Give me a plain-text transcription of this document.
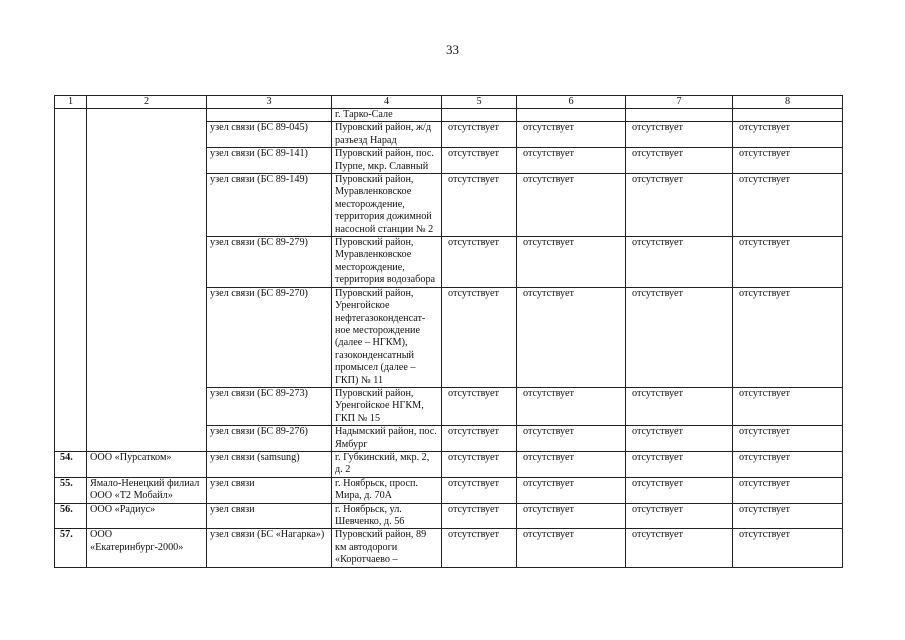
33
1	2	3	4	5	6	7	8
			г. Тарко-Сале				
		узел связи (БС 89-045)	Пуровский район, ж/д разъезд Нарад	отсутствует	отсутствует	отсутствует	отсутствует
		узел связи (БС 89-141)	Пуровский район, пос. Пурпе, мкр. Славный	отсутствует	отсутствует	отсутствует	отсутствует
		узел связи (БС 89-149)	Пуровский район, Муравленковское месторождение, территория дожимной насосной станции № 2	отсутствует	отсутствует	отсутствует	отсутствует
		узел связи (БС 89-279)	Пуровский район, Муравленковское месторождение, территория водозабора	отсутствует	отсутствует	отсутствует	отсутствует
		узел связи (БС 89-270)	Пуровский район, Уренгойское нефтегазоконденсат-ное месторождение (далее – НГКМ), газоконденсатный промысел (далее – ГКП) № 11	отсутствует	отсутствует	отсутствует	отсутствует
		узел связи (БС 89-273)	Пуровский район, Уренгойское НГКМ, ГКП № 15	отсутствует	отсутствует	отсутствует	отсутствует
		узел связи (БС 89-276)	Надымский район, пос. Ямбург	отсутствует	отсутствует	отсутствует	отсутствует
54.	ООО «Пурсатком»	узел связи (samsung)	г. Губкинский, мкр. 2, д. 2	отсутствует	отсутствует	отсутствует	отсутствует
55.	Ямало-Ненецкий филиал ООО «Т2 Мобайл»	узел связи	г. Ноябрьск, просп. Мира, д. 70А	отсутствует	отсутствует	отсутствует	отсутствует
56.	ООО «Радиус»	узел связи	г. Ноябрьск, ул. Шевченко, д. 56	отсутствует	отсутствует	отсутствует	отсутствует
57.	ООО «Екатеринбург-2000»	узел связи (БС «Нагарка»)	Пуровский район, 89 км автодороги «Коротчаево –	отсутствует	отсутствует	отсутствует	отсутствует
